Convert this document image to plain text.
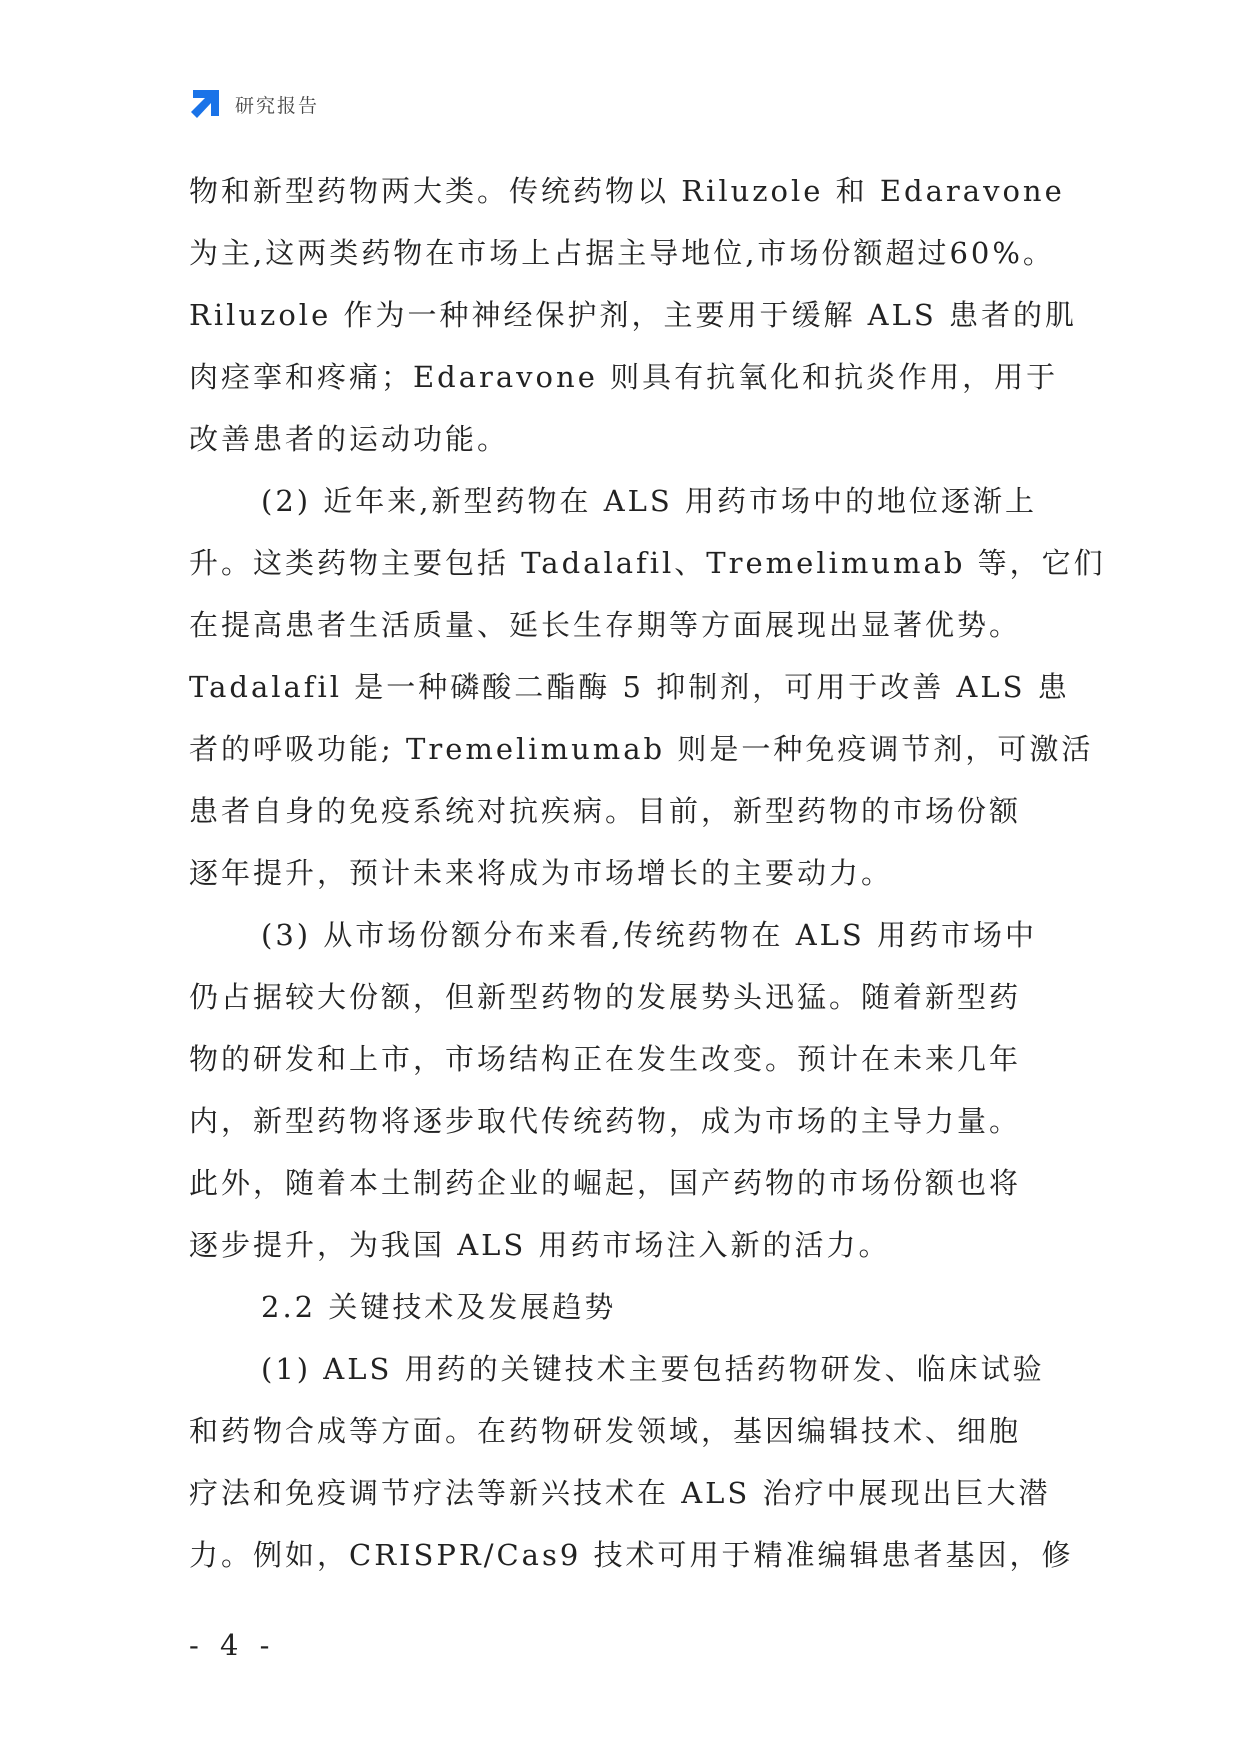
研究报告
物和新型药物两大类。传统药物以 Riluzole 和 Edaravone
为主,这两类药物在市场上占据主导地位,市场份额超过60%。
Riluzole 作为一种神经保护剂，主要用于缓解 ALS 患者的肌
肉痉挛和疼痛；Edaravone 则具有抗氧化和抗炎作用，用于
改善患者的运动功能。
(2) 近年来,新型药物在 ALS 用药市场中的地位逐渐上
升。这类药物主要包括 Tadalafil、Tremelimumab 等，它们
在提高患者生活质量、延长生存期等方面展现出显著优势。
Tadalafil 是一种磷酸二酯酶 5 抑制剂，可用于改善 ALS 患
者的呼吸功能; Tremelimumab 则是一种免疫调节剂，可激活
患者自身的免疫系统对抗疾病。目前，新型药物的市场份额
逐年提升，预计未来将成为市场增长的主要动力。
(3) 从市场份额分布来看,传统药物在 ALS 用药市场中
仍占据较大份额，但新型药物的发展势头迅猛。随着新型药
物的研发和上市，市场结构正在发生改变。预计在未来几年
内，新型药物将逐步取代传统药物，成为市场的主导力量。
此外，随着本土制药企业的崛起，国产药物的市场份额也将
逐步提升，为我国 ALS 用药市场注入新的活力。
2.2 关键技术及发展趋势
(1) ALS 用药的关键技术主要包括药物研发、临床试验
和药物合成等方面。在药物研发领域，基因编辑技术、细胞
疗法和免疫调节疗法等新兴技术在 ALS 治疗中展现出巨大潜
力。例如，CRISPR/Cas9 技术可用于精准编辑患者基因，修
- 4 -
